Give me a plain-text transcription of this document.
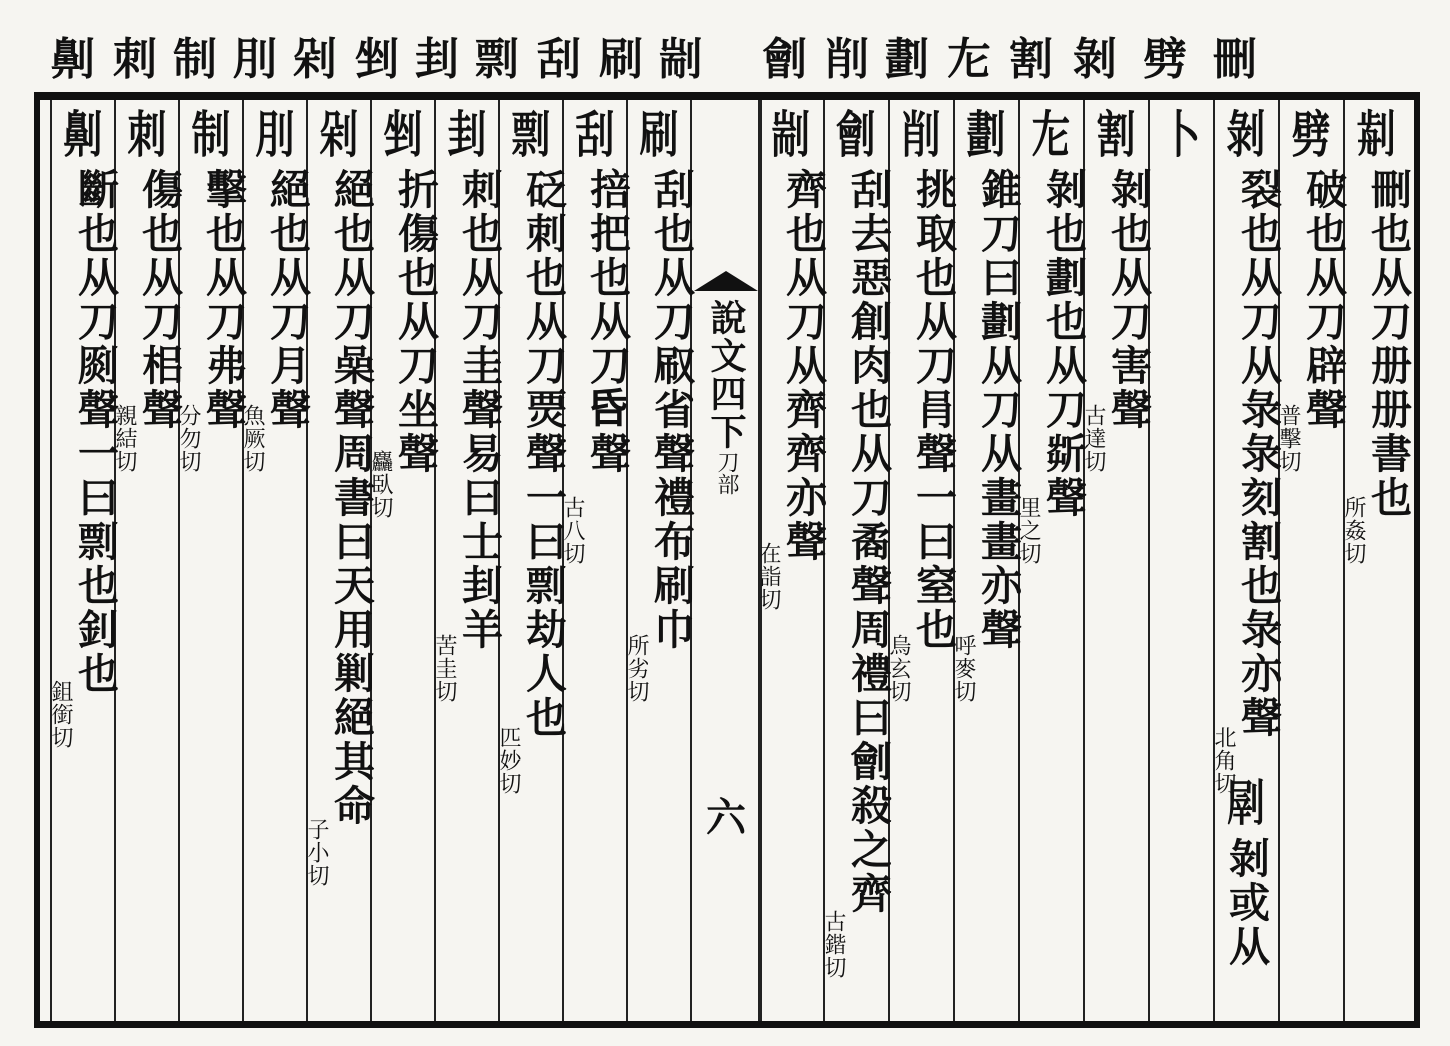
劓 刺 制 刖 剁 剉 刲 剽 刮 刷 剬 劊 削 劃 㔫 割 剝 劈 刪
說文四下
刀部
六
𠝣
刪也从刀册册書也
所姦切
劈
破也从刀辟聲
普擊切
剝
裂也从刀从彔彔刻割也彔亦聲
北角切
𠞂
剝或从
卜
割
剝也从刀害聲
古達切
㔫
剝也劃也从刀㪿聲
里之切
劃
錐刀曰劃从刀从畫畫亦聲
呼麥切
削
挑取也从刀肙聲一曰窒也
烏玄切
劊
刮去惡創肉也从刀矞聲周禮曰劊殺之齊
古鍇切
剬
齊也从刀从齊齊亦聲
在詣切
刷
刮也从刀㕞省聲禮布刷巾
所劣切
刮
掊把也从刀𠯑聲
古八切
剽
砭刺也从刀㶾聲一曰剽劫人也
匹妙切
刲
刺也从刀圭聲易曰士刲羊
苦圭切
剉
折傷也从刀坐聲
麤臥切
剁
絕也从刀喿聲周書曰天用剿絕其命
子小切
刖
絕也从刀月聲
魚厥切
制
擊也从刀弗聲
分勿切
刺
傷也从刀㭒聲
親結切
劓
斷也从刀㓹聲一曰剽也釗也
鉏銜切
